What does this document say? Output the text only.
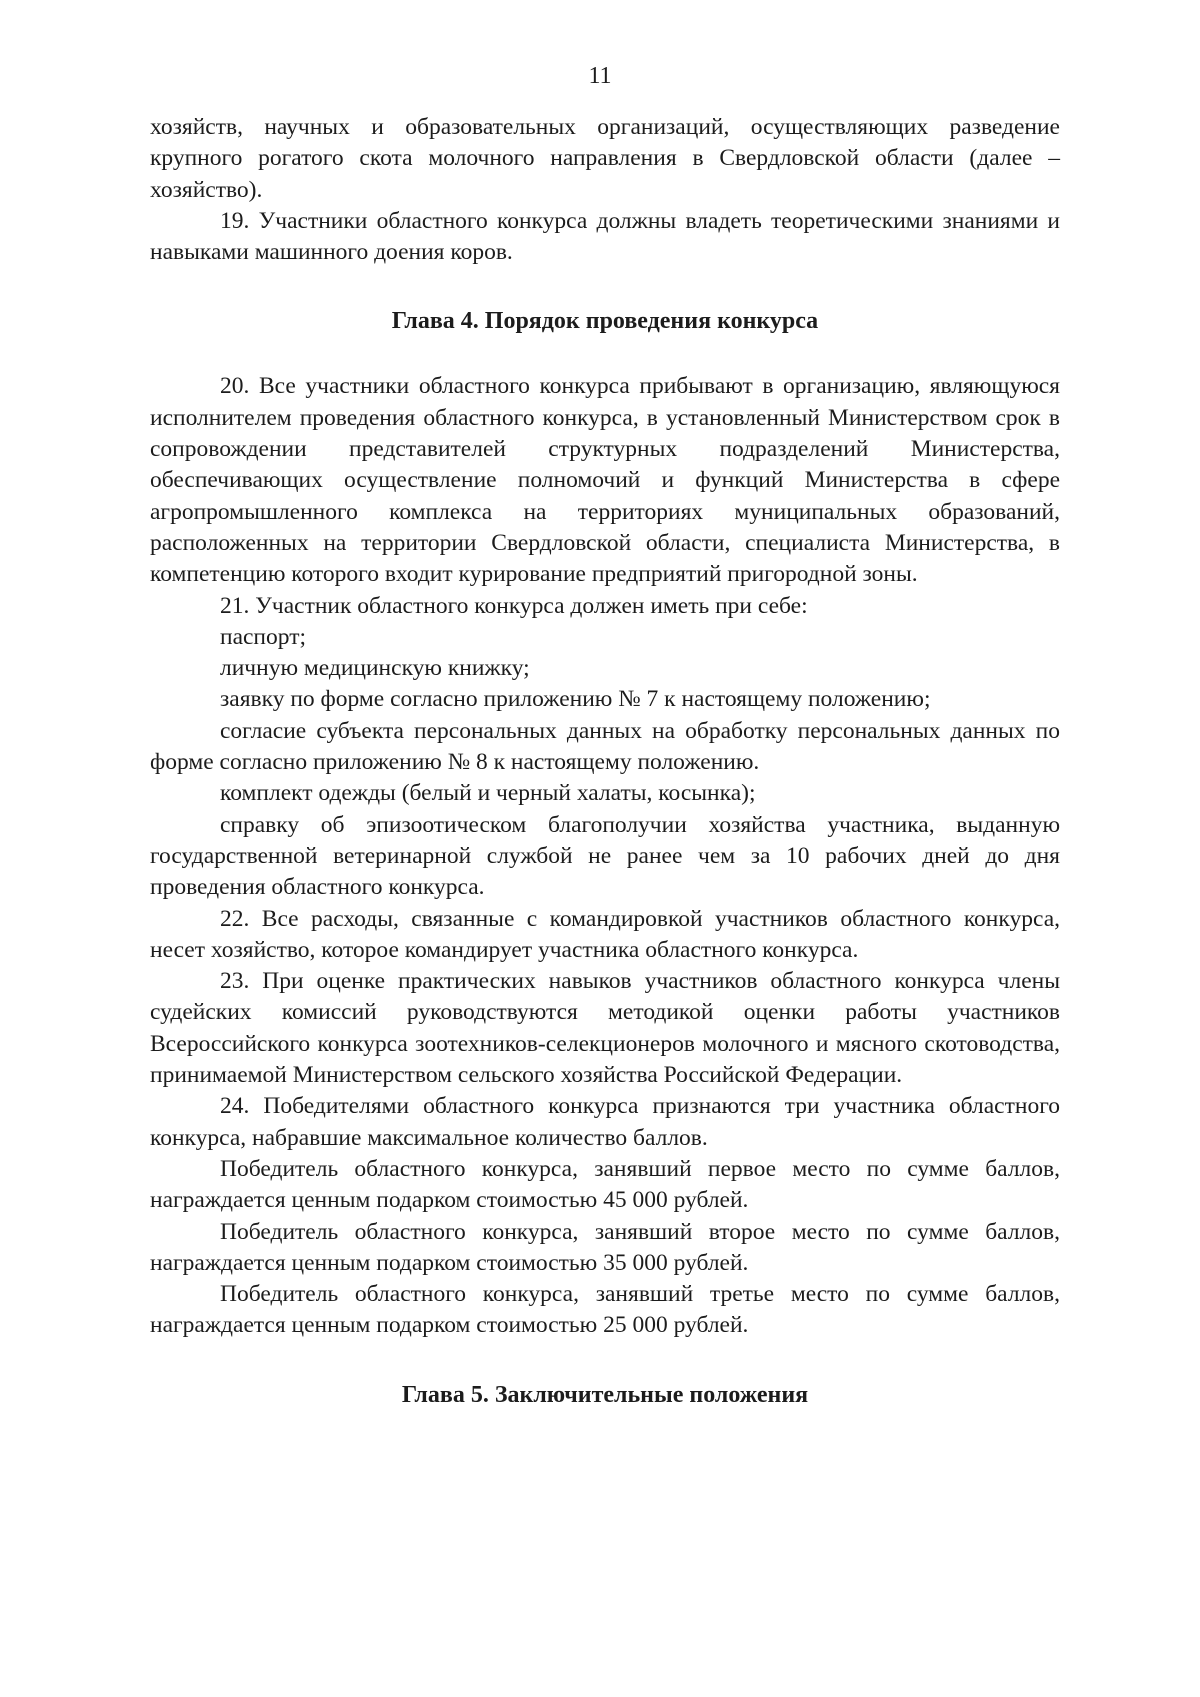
11

хозяйств, научных и образовательных организаций, осуществляющих разведение крупного рогатого скота молочного направления в Свердловской области (далее – хозяйство).

19. Участники областного конкурса должны владеть теоретическими знаниями и навыками машинного доения коров.

Глава 4. Порядок проведения конкурса

20. Все участники областного конкурса прибывают в организацию, являющуюся исполнителем проведения областного конкурса, в установленный Министерством срок в сопровождении представителей структурных подразделений Министерства, обеспечивающих осуществление полномочий и функций Министерства в сфере агропромышленного комплекса на территориях муниципальных образований, расположенных на территории Свердловской области, специалиста Министерства, в компетенцию которого входит курирование предприятий пригородной зоны.

21. Участник областного конкурса должен иметь при себе:

паспорт;

личную медицинскую книжку;

заявку по форме согласно приложению № 7 к настоящему положению;

согласие субъекта персональных данных на обработку персональных данных по форме согласно приложению № 8 к настоящему положению.

комплект одежды (белый и черный халаты, косынка);

справку об эпизоотическом благополучии хозяйства участника, выданную государственной ветеринарной службой не ранее чем за 10 рабочих дней до дня проведения областного конкурса.

22. Все расходы, связанные с командировкой участников областного конкурса, несет хозяйство, которое командирует участника областного конкурса.

23. При оценке практических навыков участников областного конкурса члены судейских комиссий руководствуются методикой оценки работы участников Всероссийского конкурса зоотехников-селекционеров молочного и мясного скотоводства, принимаемой Министерством сельского хозяйства Российской Федерации.

24. Победителями областного конкурса признаются три участника областного конкурса, набравшие максимальное количество баллов.

Победитель областного конкурса, занявший первое место по сумме баллов, награждается ценным подарком стоимостью 45 000 рублей.

Победитель областного конкурса, занявший второе место по сумме баллов, награждается ценным подарком стоимостью 35 000 рублей.

Победитель областного конкурса, занявший третье место по сумме баллов, награждается ценным подарком стоимостью 25 000 рублей.

Глава 5. Заключительные положения
